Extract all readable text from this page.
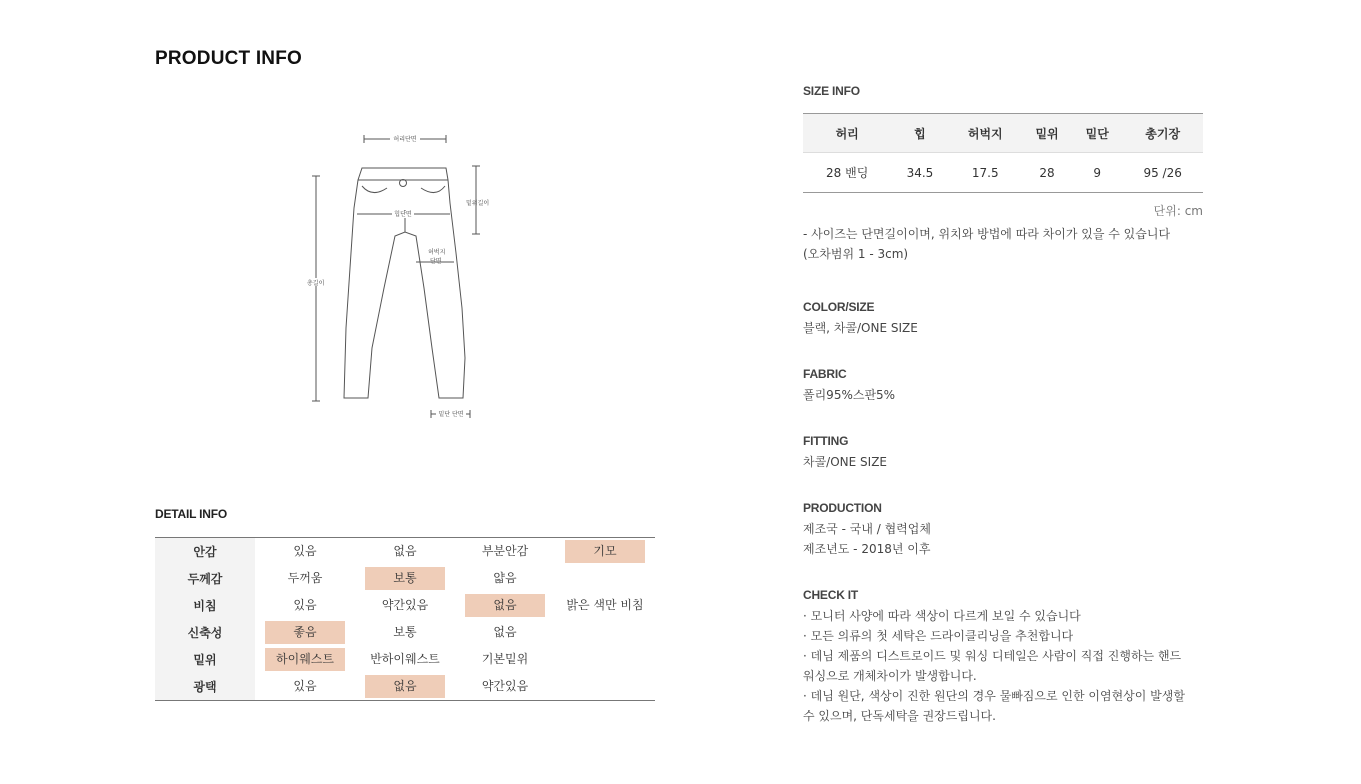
PRODUCT INFO
허리단면
힙단면
밑위길이
허벅지
단면
총길이
밑단 단면
DETAIL INFO
안감	있음	없음	부분안감	기모
두께감	두꺼움	보통	얇음	
비침	있음	약간있음	없음	밝은 색만 비침
신축성	좋음	보통	없음	
밑위	하이웨스트	반하이웨스트	기본밑위	
광택	있음	없음	약간있음	
SIZE INFO
허리	힙	허벅지	밑위	밑단	총기장
28 밴딩	34.5	17.5	28	9	95 /26
단위: cm
- 사이즈는 단면길이이며, 위치와 방법에 따라 차이가 있을 수 있습니다
(오차범위 1 - 3cm)
COLOR/SIZE
블랙, 차콜/ONE SIZE
FABRIC
폴리95%스판5%
FITTING
차콜/ONE SIZE
PRODUCTION
제조국 - 국내 / 협력업체
제조년도 - 2018년 이후
CHECK IT
· 모니터 사양에 따라 색상이 다르게 보일 수 있습니다
· 모든 의류의 첫 세탁은 드라이클리닝을 추천합니다
· 데님 제품의 디스트로이드 및 워싱 디테일은 사람이 직접 진행하는 핸드
워싱으로 개체차이가 발생합니다.
· 데님 원단, 색상이 진한 원단의 경우 물빠짐으로 인한 이염현상이 발생할
수 있으며, 단독세탁을 권장드립니다.
